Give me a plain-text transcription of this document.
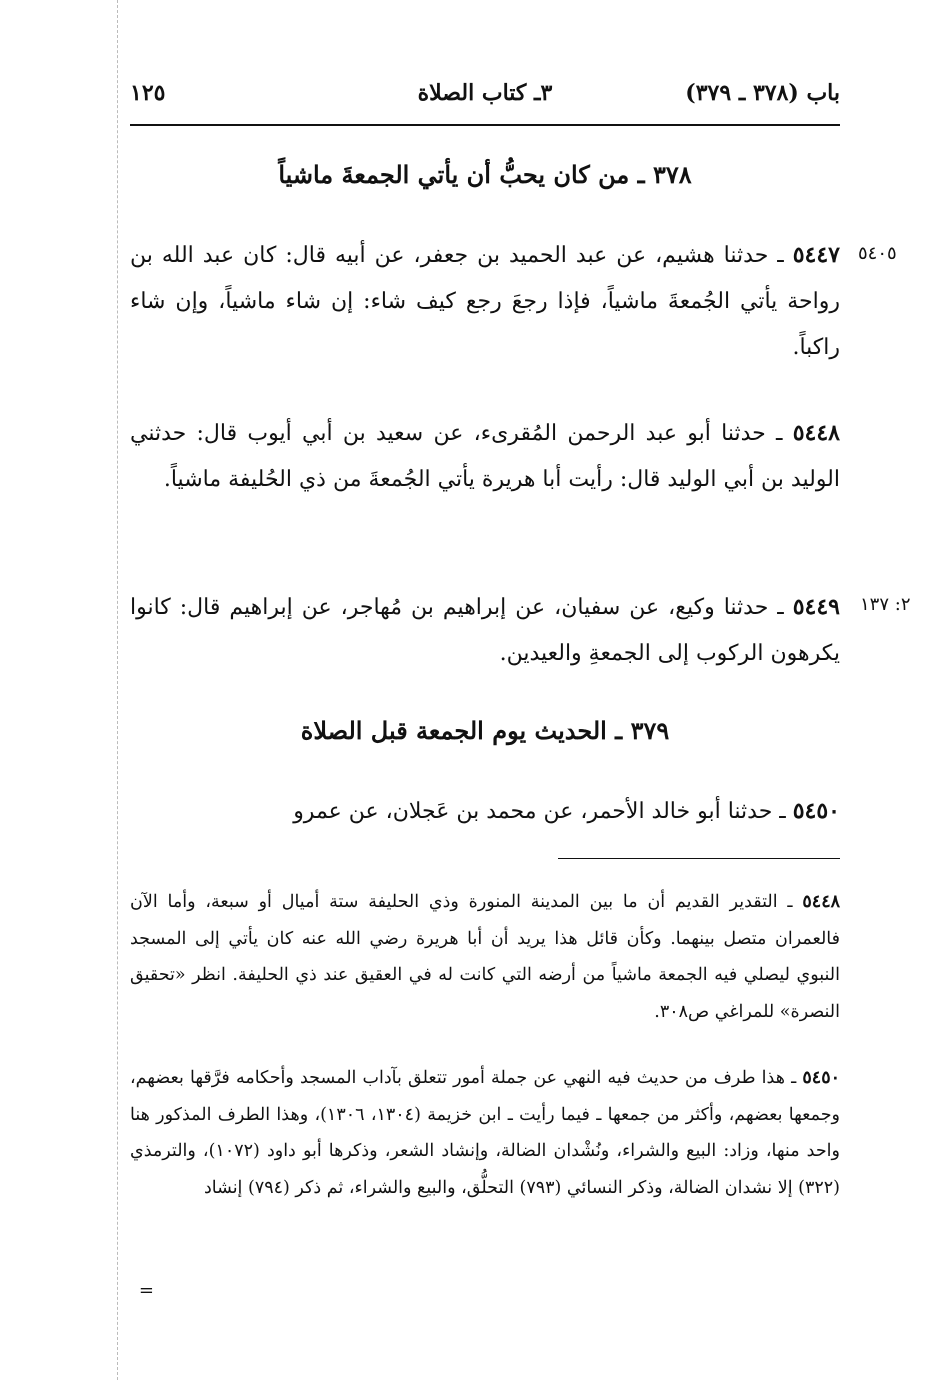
باب (٣٧٨ ـ ٣٧٩)
٣ـ كتاب الصلاة
١٢٥
٣٧٨ ـ من كان يحبُّ أن يأتي الجمعةَ ماشياً
٥٤٤٧ ـ حدثنا هشيم، عن عبد الحميد بن جعفر، عن أبيه قال: كان عبد الله بن رواحة يأتي الجُمعةَ ماشياً، فإذا رجعَ رجع كيف شاء: إن شاء ماشياً، وإن شاء راكباً.
٥٤٤٨ ـ حدثنا أبو عبد الرحمن المُقرىء، عن سعيد بن أبي أيوب قال: حدثني الوليد بن أبي الوليد قال: رأيت أبا هريرة يأتي الجُمعةَ من ذي الحُليفة ماشياً.
٥٤٤٩ ـ حدثنا وكيع، عن سفيان، عن إبراهيم بن مُهاجر، عن إبراهيم قال: كانوا يكرهون الركوب إلى الجمعةِ والعيدين.
٣٧٩ ـ الحديث يوم الجمعة قبل الصلاة
٥٤٥٠ ـ حدثنا أبو خالد الأحمر، عن محمد بن عَجلان، عن عمرو
٥٤٤٨ ـ التقدير القديم أن ما بين المدينة المنورة وذي الحليفة ستة أميال أو سبعة، وأما الآن فالعمران متصل بينهما. وكأن قائل هذا يريد أن أبا هريرة رضي الله عنه كان يأتي إلى المسجد النبوي ليصلي فيه الجمعة ماشياً من أرضه التي كانت له في العقيق عند ذي الحليفة. انظر «تحقيق النصرة» للمراغي ص٣٠٨.
٥٤٥٠ ـ هذا طرف من حديث فيه النهي عن جملة أمور تتعلق بآداب المسجد وأحكامه فرَّقها بعضهم، وجمعها بعضهم، وأكثر من جمعها ـ فيما رأيت ـ ابن خزيمة (١٣٠٤، ١٣٠٦)، وهذا الطرف المذكور هنا واحد منها، وزاد: البيع والشراء، ونُشْدان الضالة، وإنشاد الشعر، وذكرها أبو داود (١٠٧٢)، والترمذي (٣٢٢) إلا نشدان الضالة، وذكر النسائي (٧٩٣) التحلُّق، والبيع والشراء، ثم ذكر (٧٩٤) إنشاد
=
٥٤٠٥
٢: ١٣٧
